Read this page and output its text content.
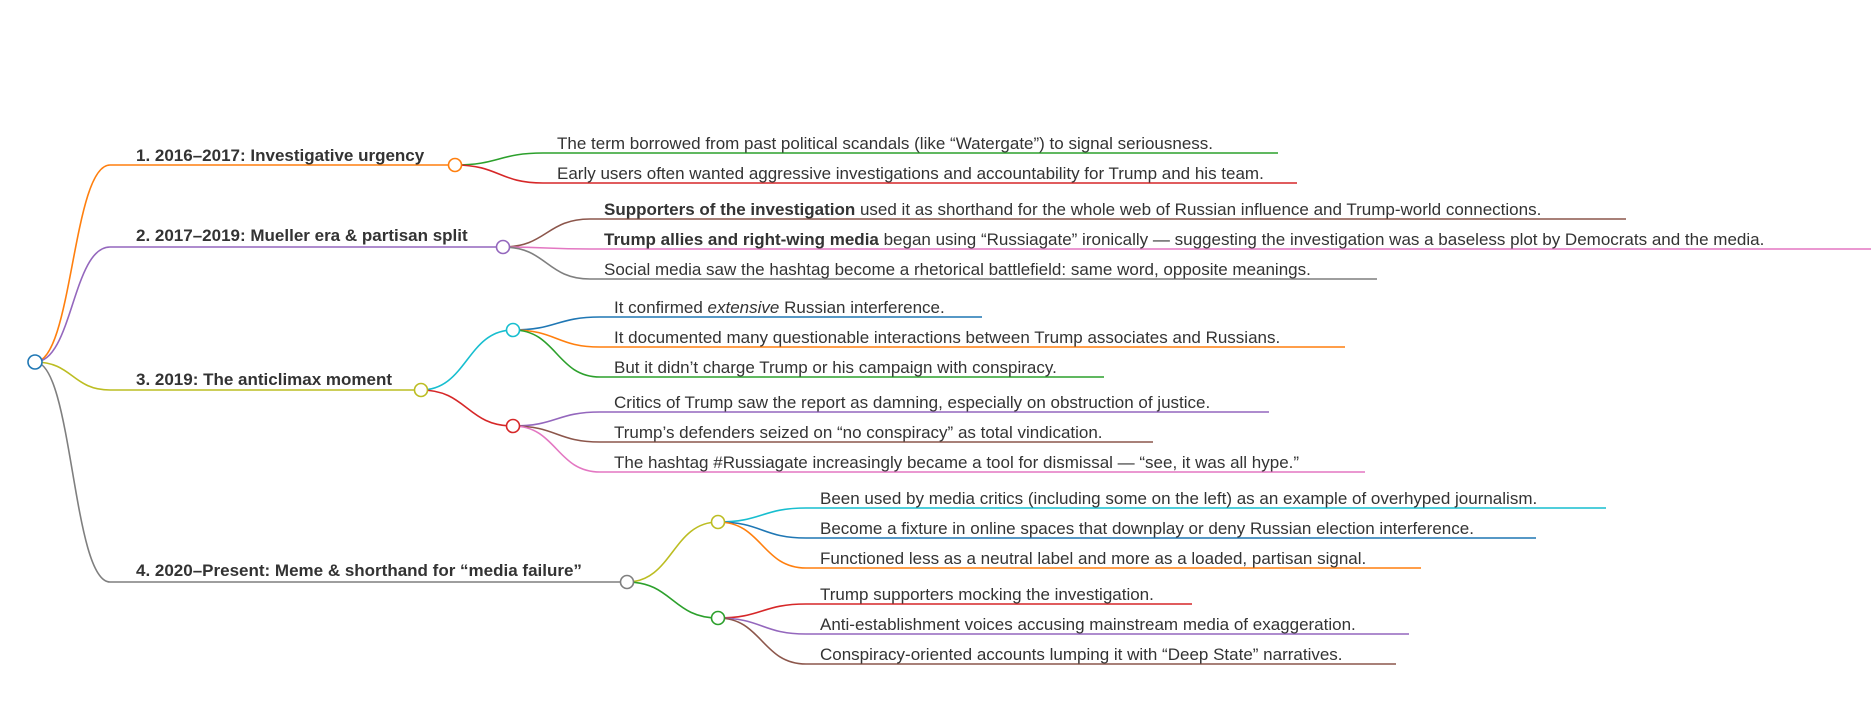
1. 2016–2017: Investigative urgency
The term borrowed from past political scandals (like “Watergate”) to signal seriousness.
Early users often wanted aggressive investigations and accountability for Trump and his team.
2. 2017–2019: Mueller era & partisan split
Supporters of the investigation used it as shorthand for the whole web of Russian influence and Trump-world connections.
Trump allies and right-wing media began using “Russiagate” ironically — suggesting the investigation was a baseless plot by Democrats and the media.
Social media saw the hashtag become a rhetorical battlefield: same word, opposite meanings.
3. 2019: The anticlimax moment
It confirmed extensive Russian interference.
It documented many questionable interactions between Trump associates and Russians.
But it didn’t charge Trump or his campaign with conspiracy.
Critics of Trump saw the report as damning, especially on obstruction of justice.
Trump’s defenders seized on “no conspiracy” as total vindication.
The hashtag #Russiagate increasingly became a tool for dismissal — “see, it was all hype.”
4. 2020–Present: Meme & shorthand for “media failure”
Been used by media critics (including some on the left) as an example of overhyped journalism.
Become a fixture in online spaces that downplay or deny Russian election interference.
Functioned less as a neutral label and more as a loaded, partisan signal.
Trump supporters mocking the investigation.
Anti-establishment voices accusing mainstream media of exaggeration.
Conspiracy-oriented accounts lumping it with “Deep State” narratives.
